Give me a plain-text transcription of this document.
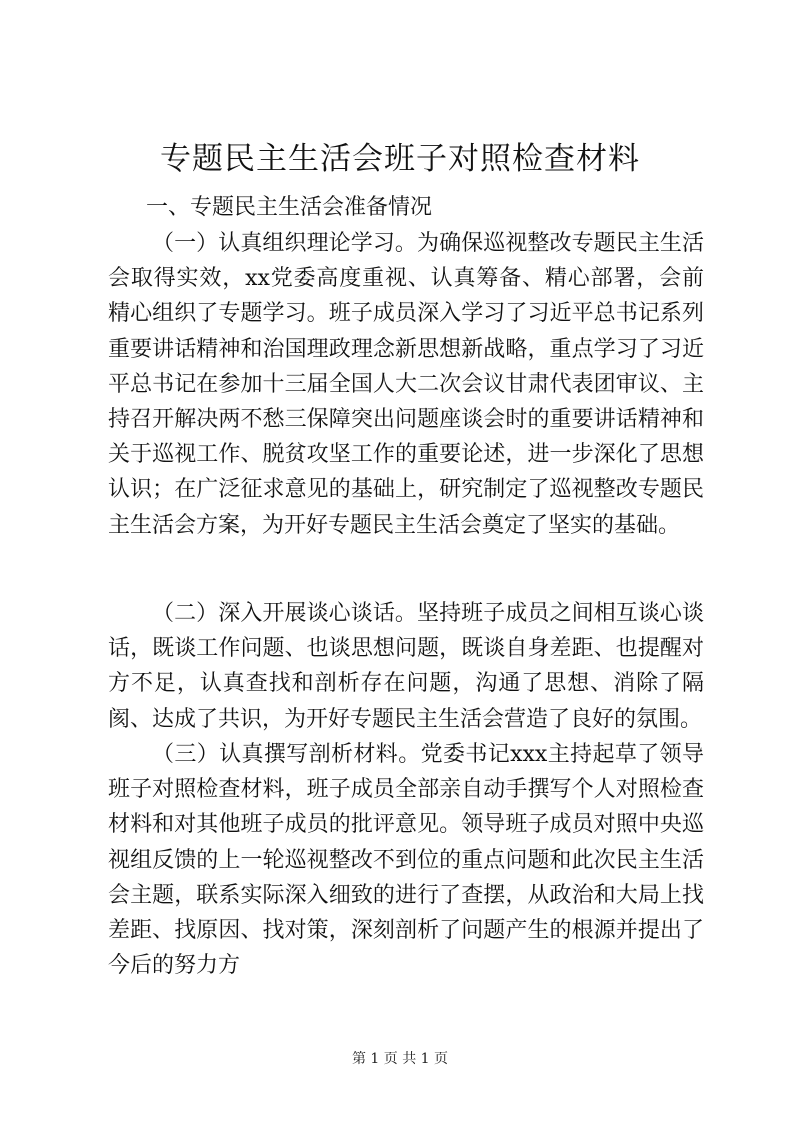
专题民主生活会班子对照检查材料
一、专题民主生活会准备情况

（一）认真组织理论学习。为确保巡视整改专题民主生活会取得实效，xx党委高度重视、认真筹备、精心部署，会前精心组织了专题学习。班子成员深入学习了习近平总书记系列重要讲话精神和治国理政理念新思想新战略，重点学习了习近平总书记在参加十三届全国人大二次会议甘肃代表团审议、主持召开解决两不愁三保障突出问题座谈会时的重要讲话精神和关于巡视工作、脱贫攻坚工作的重要论述，进一步深化了思想认识；在广泛征求意见的基础上，研究制定了巡视整改专题民主生活会方案，为开好专题民主生活会奠定了坚实的基础。

（二）深入开展谈心谈话。坚持班子成员之间相互谈心谈话，既谈工作问题、也谈思想问题，既谈自身差距、也提醒对方不足，认真查找和剖析存在问题，沟通了思想、消除了隔阂、达成了共识，为开好专题民主生活会营造了良好的氛围。

（三）认真撰写剖析材料。党委书记xxx主持起草了领导班子对照检查材料，班子成员全部亲自动手撰写个人对照检查材料和对其他班子成员的批评意见。领导班子成员对照中央巡视组反馈的上一轮巡视整改不到位的重点问题和此次民主生活会主题，联系实际深入细致的进行了查摆，从政治和大局上找差距、找原因、找对策，深刻剖析了问题产生的根源并提出了今后的努力方

第 1 页 共 1 页
